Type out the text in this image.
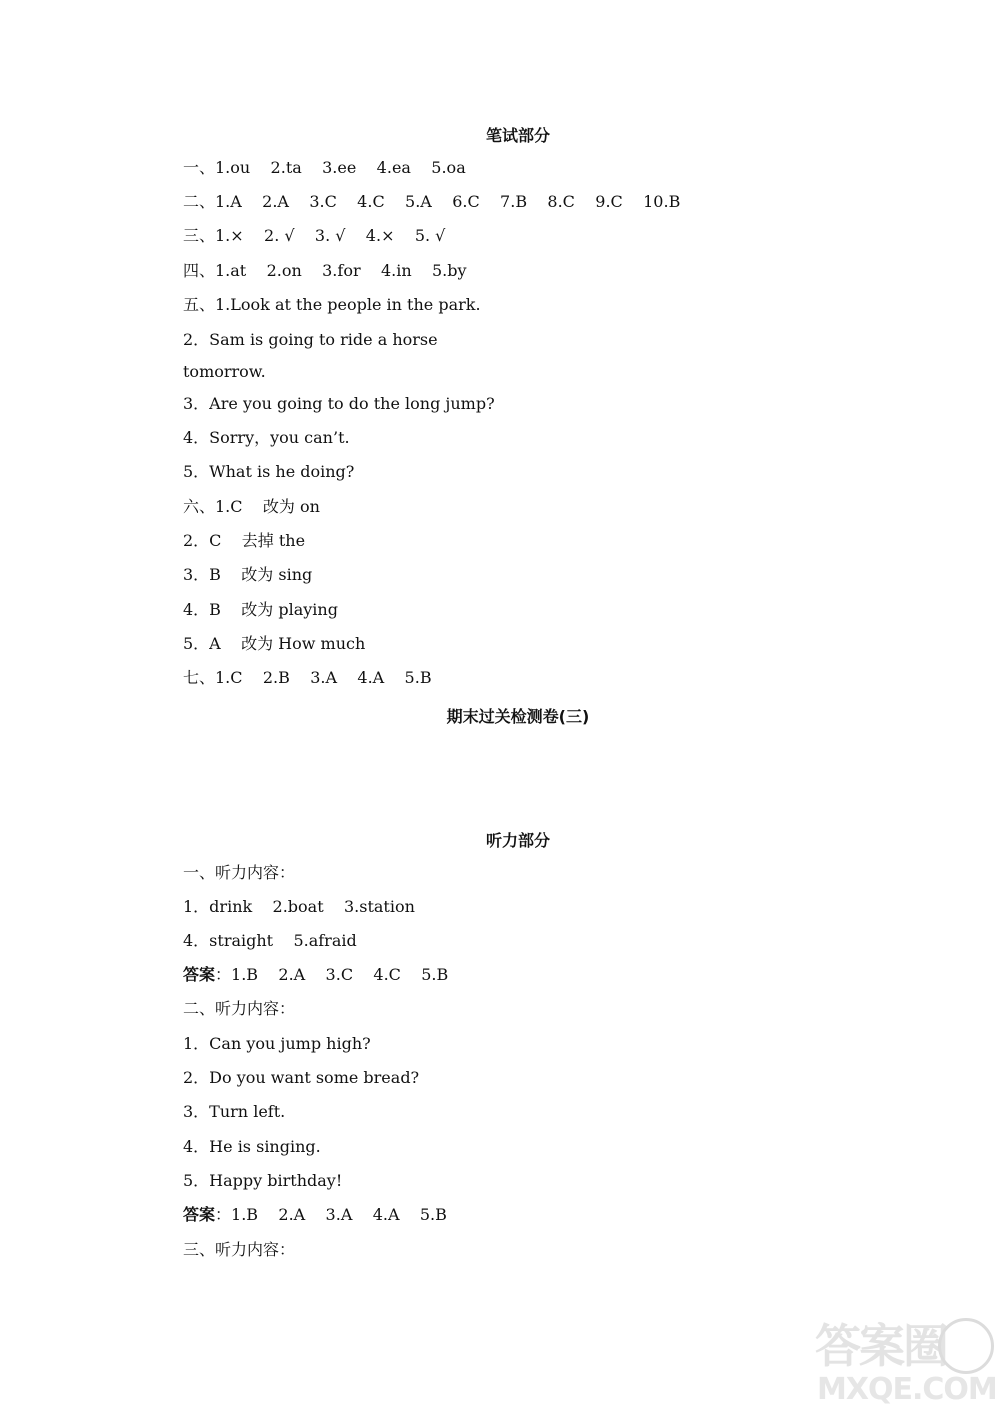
笔试部分
一、1.ou    2.ta    3.ee    4.ea    5.oa
二、1.A    2.A    3.C    4.C    5.A    6.C    7.B    8.C    9.C    10.B
三、1.×    2. √    3. √    4.×    5. √
四、1.at    2.on    3.for    4.in    5.by
五、1.Look at the people in the park.
2．Sam is going to ride a horse
tomorrow.
3．Are you going to do the long jump?
4．Sorry，you can’t.
5．What is he doing?
六、1.C    改为 on
2．C    去掉 the
3．B    改为 sing
4．B    改为 playing
5．A    改为 How much
七、1.C    2.B    3.A    4.A    5.B
期末过关检测卷(三)
听力部分
一、听力内容：
1．drink    2.boat    3.station
4．straight    5.afraid
答案：1.B    2.A    3.C    4.C    5.B
二、听力内容：
1．Can you jump high?
2．Do you want some bread?
3．Turn left.
4．He is singing.
5．Happy birthday!
答案：1.B    2.A    3.A    4.A    5.B
三、听力内容：
答案圈
MXQE.COM
